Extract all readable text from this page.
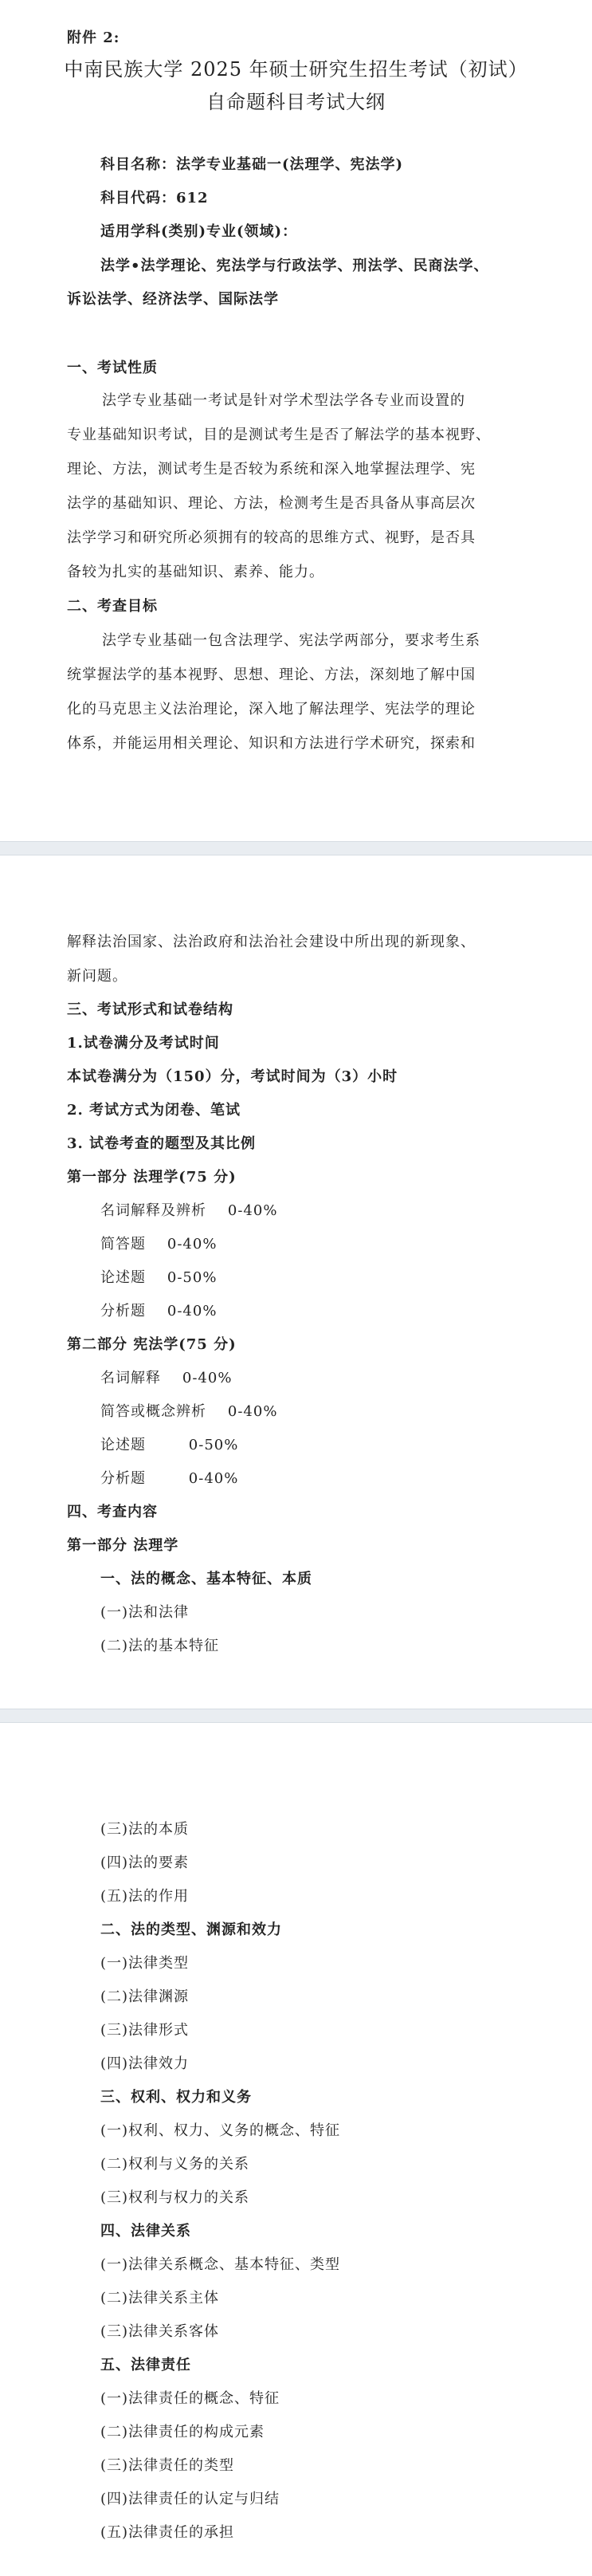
附件 2:
中南民族大学 2025 年硕士研究生招生考试（初试）
自命题科目考试大纲
科目名称：法学专业基础一(法理学、宪法学)
科目代码：612
适用学科(类别)专业(领域)：
法学•法学理论、宪法学与行政法学、刑法学、民商法学、
诉讼法学、经济法学、国际法学
一、考试性质
法学专业基础一考试是针对学术型法学各专业而设置的
专业基础知识考试，目的是测试考生是否了解法学的基本视野、
理论、方法，测试考生是否较为系统和深入地掌握法理学、宪
法学的基础知识、理论、方法，检测考生是否具备从事高层次
法学学习和研究所必须拥有的较高的思维方式、视野，是否具
备较为扎实的基础知识、素养、能力。
二、考查目标
法学专业基础一包含法理学、宪法学两部分，要求考生系
统掌握法学的基本视野、思想、理论、方法，深刻地了解中国
化的马克思主义法治理论，深入地了解法理学、宪法学的理论
体系，并能运用相关理论、知识和方法进行学术研究，探索和
解释法治国家、法治政府和法治社会建设中所出现的新现象、
新问题。
三、考试形式和试卷结构
1.试卷满分及考试时间
本试卷满分为（150）分，考试时间为（3）小时
2. 考试方式为闭卷、笔试
3. 试卷考查的题型及其比例
第一部分 法理学(75 分)
名词解释及辨析 0-40%
简答题 0-40%
论述题 0-50%
分析题 0-40%
第二部分 宪法学(75 分)
名词解释 0-40%
简答或概念辨析 0-40%
论述题	0-50%
分析题	0-40%
四、考查内容
第一部分 法理学
一、法的概念、基本特征、本质
(一)法和法律
(二)法的基本特征
(三)法的本质
(四)法的要素
(五)法的作用
二、法的类型、渊源和效力
(一)法律类型
(二)法律渊源
(三)法律形式
(四)法律效力
三、权利、权力和义务
(一)权利、权力、义务的概念、特征
(二)权利与义务的关系
(三)权利与权力的关系
四、法律关系
(一)法律关系概念、基本特征、类型
(二)法律关系主体
(三)法律关系客体
五、法律责任
(一)法律责任的概念、特征
(二)法律责任的构成元素
(三)法律责任的类型
(四)法律责任的认定与归结
(五)法律责任的承担
